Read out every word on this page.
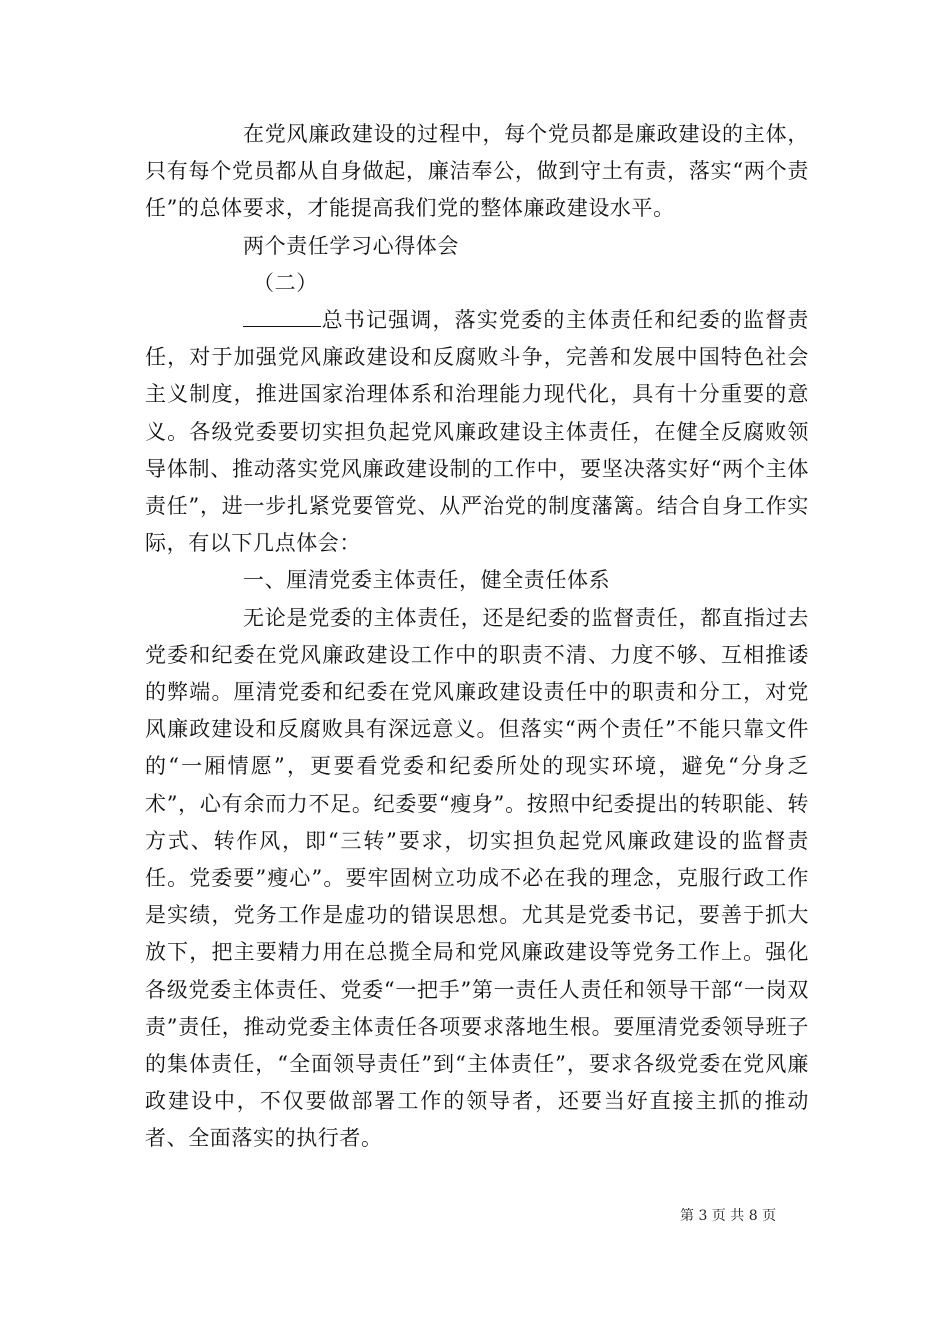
在党风廉政建设的过程中，每个党员都是廉政建设的主体，只有每个党员都从自身做起，廉洁奉公，做到守土有责，落实“两个责任”的总体要求，才能提高我们党的整体廉政建设水平。

两个责任学习心得体会

（二）

总书记强调，落实党委的主体责任和纪委的监督责任，对于加强党风廉政建设和反腐败斗争，完善和发展中国特色社会主义制度，推进国家治理体系和治理能力现代化，具有十分重要的意义。各级党委要切实担负起党风廉政建设主体责任，在健全反腐败领导体制、推动落实党风廉政建设制的工作中，要坚决落实好“两个主体责任”，进一步扎紧党要管党、从严治党的制度藩篱。结合自身工作实际，有以下几点体会：

一、厘清党委主体责任，健全责任体系

无论是党委的主体责任，还是纪委的监督责任，都直指过去党委和纪委在党风廉政建设工作中的职责不清、力度不够、互相推诿的弊端。厘清党委和纪委在党风廉政建设责任中的职责和分工，对党风廉政建设和反腐败具有深远意义。但落实“两个责任”不能只靠文件的“一厢情愿”，更要看党委和纪委所处的现实环境，避免“分身乏术”，心有余而力不足。纪委要“瘦身”。按照中纪委提出的转职能、转方式、转作风，即“三转”要求，切实担负起党风廉政建设的监督责任。党委要”瘦心”。要牢固树立功成不必在我的理念，克服行政工作是实绩，党务工作是虚功的错误思想。尤其是党委书记，要善于抓大放下，把主要精力用在总揽全局和党风廉政建设等党务工作上。强化各级党委主体责任、党委“一把手”第一责任人责任和领导干部“一岗双责”责任，推动党委主体责任各项要求落地生根。要厘清党委领导班子的集体责任，“全面领导责任”到“主体责任”，要求各级党委在党风廉政建设中，不仅要做部署工作的领导者，还要当好直接主抓的推动者、全面落实的执行者。

第 3 页 共 8 页
